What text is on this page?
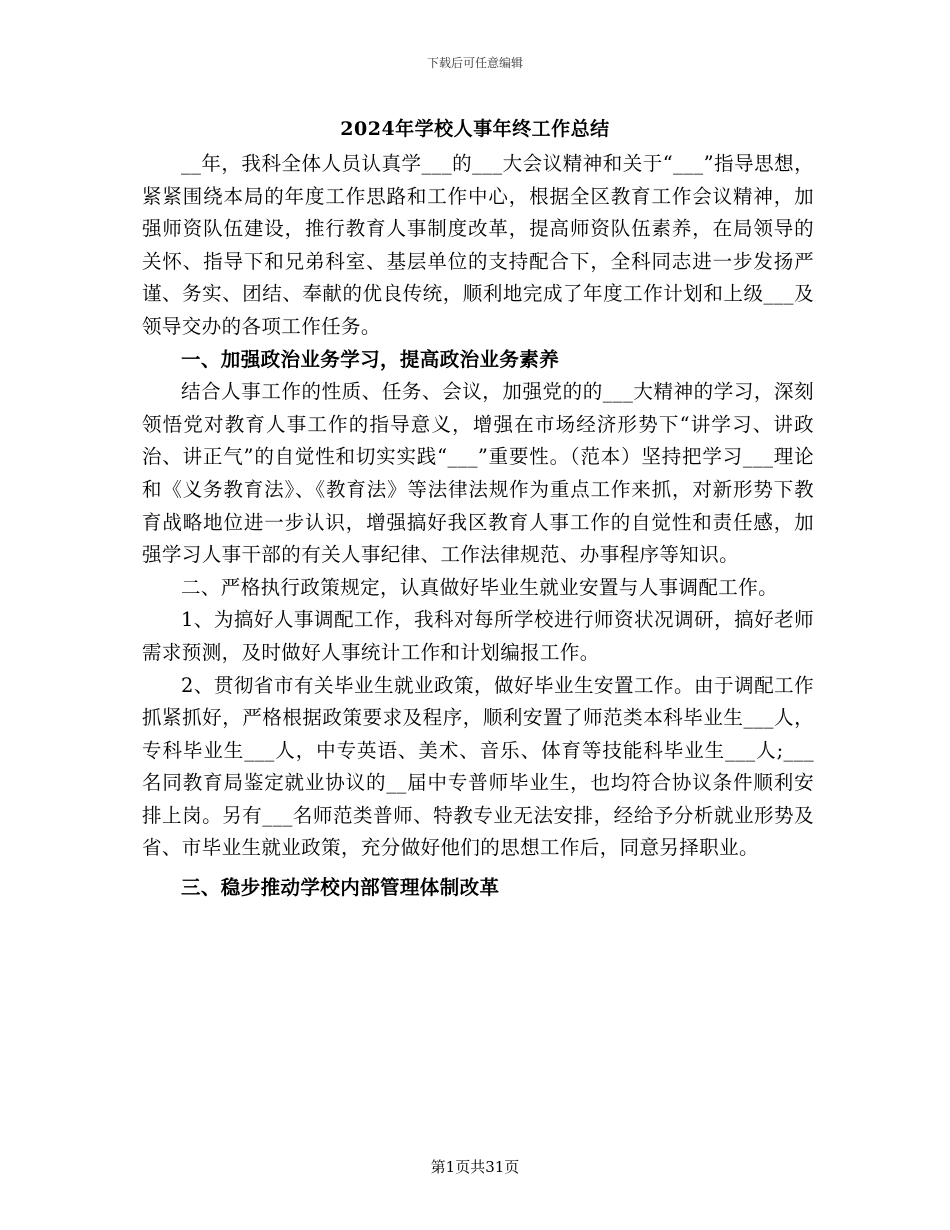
下载后可任意编辑
2024年学校人事年终工作总结

__年，我科全体人员认真学___的___大会议精神和关于“___”指导思想，紧紧围绕本局的年度工作思路和工作中心，根据全区教育工作会议精神，加强师资队伍建设，推行教育人事制度改革，提高师资队伍素养，在局领导的关怀、指导下和兄弟科室、基层单位的支持配合下，全科同志进一步发扬严谨、务实、团结、奉献的优良传统，顺利地完成了年度工作计划和上级___及领导交办的各项工作任务。

一、加强政治业务学习，提高政治业务素养

结合人事工作的性质、任务、会议，加强党的的___大精神的学习，深刻领悟党对教育人事工作的指导意义，增强在市场经济形势下“讲学习、讲政治、讲正气”的自觉性和切实实践“___”重要性。（范本）坚持把学习___理论和《义务教育法》、《教育法》等法律法规作为重点工作来抓，对新形势下教育战略地位进一步认识，增强搞好我区教育人事工作的自觉性和责任感，加强学习人事干部的有关人事纪律、工作法律规范、办事程序等知识。

二、严格执行政策规定，认真做好毕业生就业安置与人事调配工作。

1、为搞好人事调配工作，我科对每所学校进行师资状况调研，搞好老师需求预测，及时做好人事统计工作和计划编报工作。

2、贯彻省市有关毕业生就业政策，做好毕业生安置工作。由于调配工作抓紧抓好，严格根据政策要求及程序，顺利安置了师范类本科毕业生___人，专科毕业生___人，中专英语、美术、音乐、体育等技能科毕业生___人;___名同教育局鉴定就业协议的__届中专普师毕业生，也均符合协议条件顺利安排上岗。另有___名师范类普师、特教专业无法安排，经给予分析就业形势及省、市毕业生就业政策，充分做好他们的思想工作后，同意另择职业。

三、稳步推动学校内部管理体制改革

第1页共31页
